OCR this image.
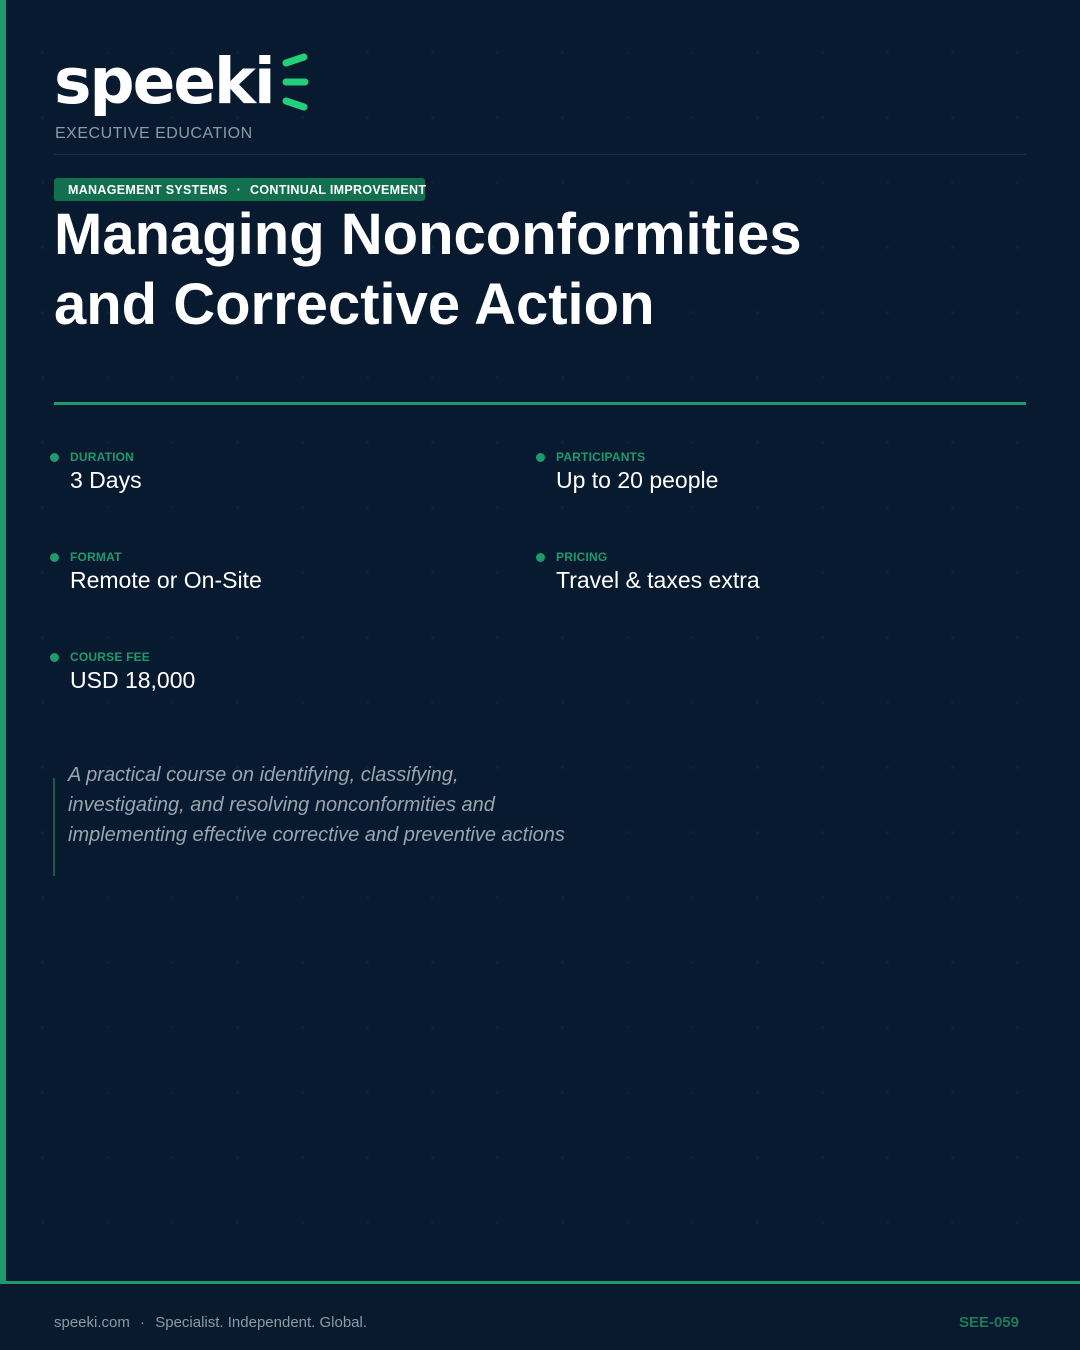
speeki
EXECUTIVE EDUCATION
MANAGEMENT SYSTEMS · CONTINUAL IMPROVEMENT
Managing Nonconformities
and Corrective Action
DURATION
3 Days
PARTICIPANTS
Up to 20 people
FORMAT
Remote or On-Site
PRICING
Travel & taxes extra
COURSE FEE
USD 18,000
A practical course on identifying, classifying,
investigating, and resolving nonconformities and
implementing effective corrective and preventive actions
speeki.com · Specialist. Independent. Global.	SEE-059
